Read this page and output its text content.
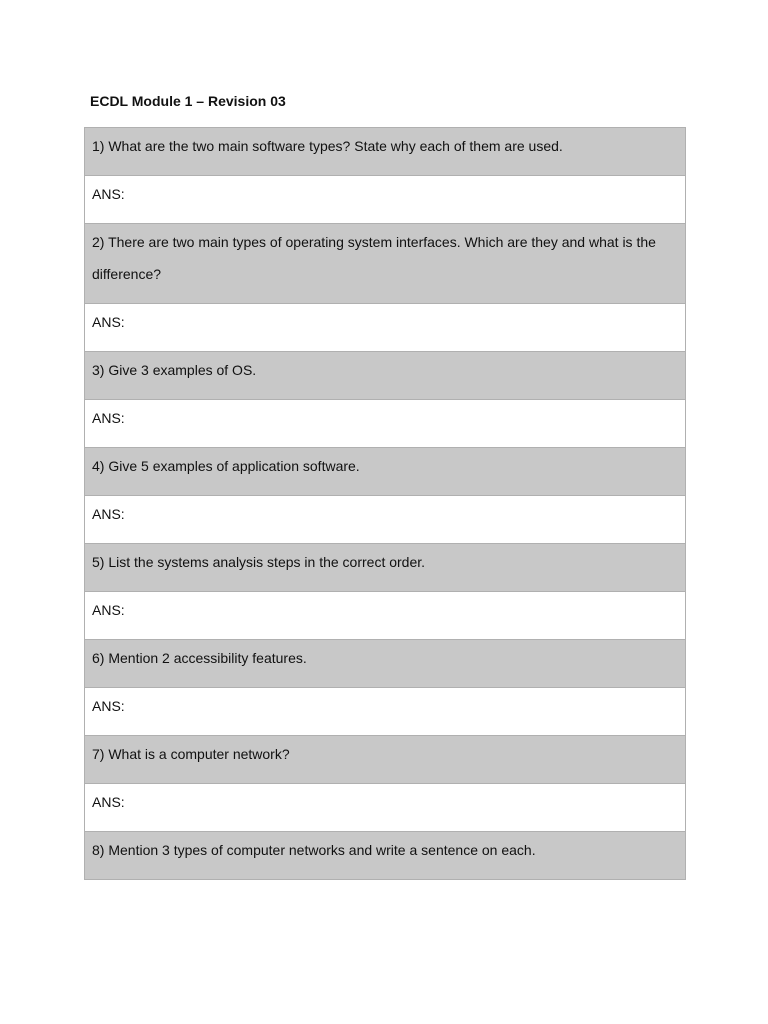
ECDL Module 1 – Revision 03
1) What are the two main software types? State why each of them are used.
ANS:
2) There are two main types of operating system interfaces. Which are they and what is the difference?
ANS:
3) Give 3 examples of OS.
ANS:
4) Give 5 examples of application software.
ANS:
5) List the systems analysis steps in the correct order.
ANS:
6) Mention 2 accessibility features.
ANS:
7) What is a computer network?
ANS:
8) Mention 3 types of computer networks and write a sentence on each.
